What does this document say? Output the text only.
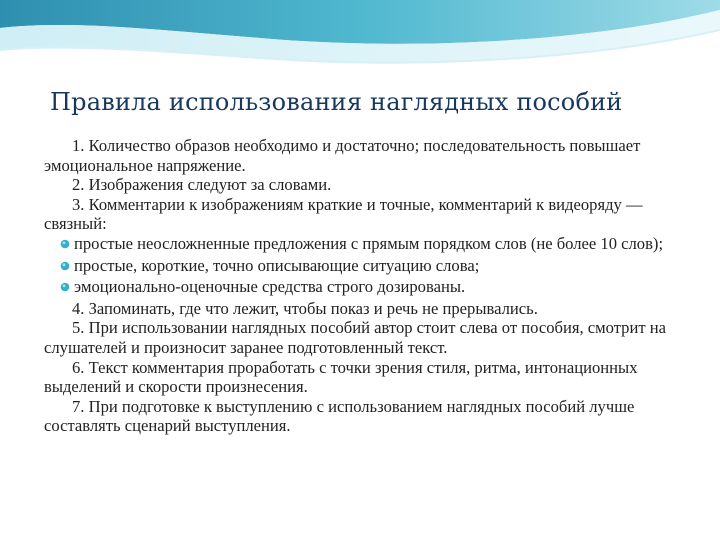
Правила использования наглядных пособий

1. Количество образов необходимо и достаточно; последовательность повышает эмоциональное напряжение.

2. Изображения следуют за словами.

3. Комментарии к изображениям краткие и точные, комментарий к видеоряду — связный:

простые неосложненные предложения с прямым порядком слов (не более 10 слов);

простые, короткие, точно описывающие ситуацию слова;

эмоционально-оценочные средства строго дозированы.

4. Запоминать, где что лежит, чтобы показ и речь не прерывались.

5. При использовании наглядных пособий автор стоит слева от пособия, смотрит на слушателей и произносит заранее подготовленный текст.

6. Текст комментария проработать с точки зрения стиля, ритма, интонационных выделений и скорости произнесения.

7. При подготовке к выступлению с использованием наглядных пособий лучше составлять сценарий выступления.
